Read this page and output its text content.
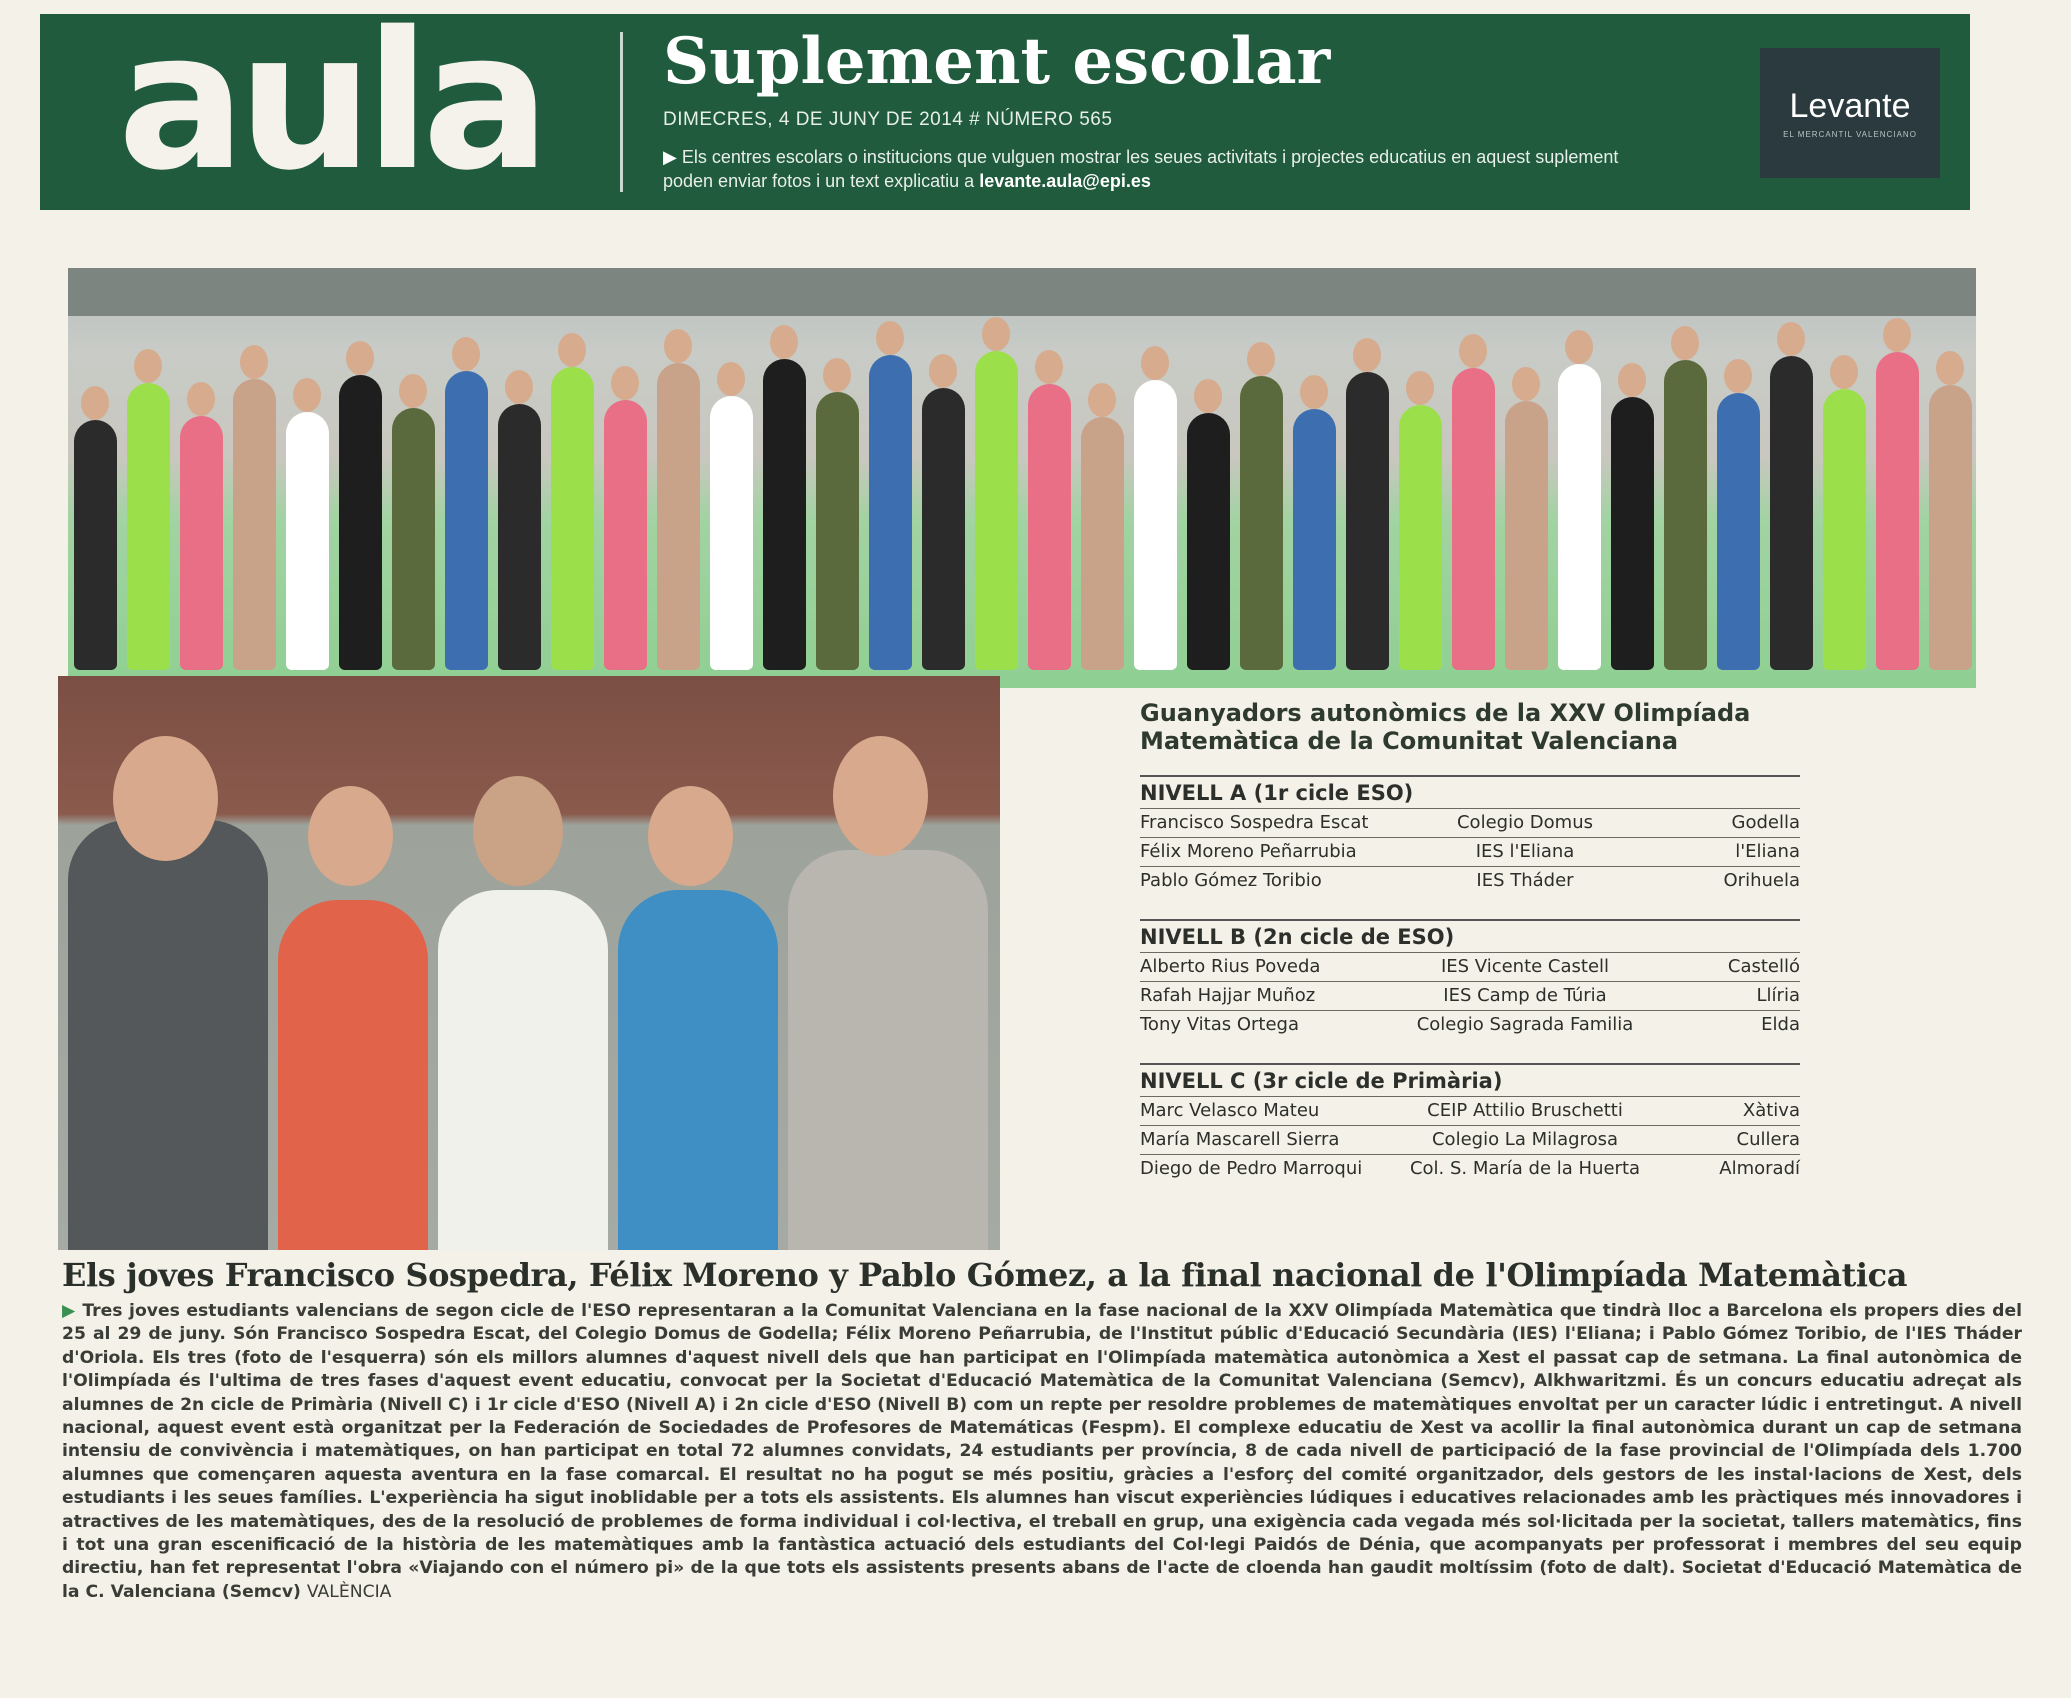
aula	Suplement escolar
DIMECRES, 4 DE JUNY DE 2014 # NÚMERO 565
▶ Els centres escolars o institucions que vulguen mostrar les seues activitats i projectes educatius en aquest suplement poden enviar fotos i un text explicatiu a levante.aula@epi.es
Levante
EL MERCANTIL VALENCIANO
Guanyadors autonòmics de la XXV Olimpíada Matemàtica de la Comunitat Valenciana
NIVELL A (1r cicle ESO)
Francisco Sospedra Escat	Colegio Domus	Godella
Félix Moreno Peñarrubia	IES l'Eliana	l'Eliana
Pablo Gómez Toribio	IES Tháder	Orihuela
NIVELL B (2n cicle de ESO)
Alberto Rius Poveda	IES Vicente Castell	Castelló
Rafah Hajjar Muñoz	IES Camp de Túria	Llíria
Tony Vitas Ortega	Colegio Sagrada Familia	Elda
NIVELL C (3r cicle de Primària)
Marc Velasco Mateu	CEIP Attilio Bruschetti	Xàtiva
María Mascarell Sierra	Colegio La Milagrosa	Cullera
Diego de Pedro Marroqui	Col. S. María de la Huerta	Almoradí
Els joves Francisco Sospedra, Félix Moreno y Pablo Gómez, a la final nacional de l'Olimpíada Matemàtica
▶ Tres joves estudiants valencians de segon cicle de l'ESO representaran a la Comunitat Valenciana en la fase nacional de la XXV Olimpíada Matemàtica que tindrà lloc a Barcelona els propers dies del 25 al 29 de juny. Són Francisco Sospedra Escat, del Colegio Domus de Godella; Félix Moreno Peñarrubia, de l'Institut públic d'Educació Secundària (IES) l'Eliana; i Pablo Gómez Toribio, de l'IES Tháder d'Oriola. Els tres (foto de l'esquerra) són els millors alumnes d'aquest nivell dels que han participat en l'Olimpíada matemàtica autonòmica a Xest el passat cap de setmana. La final autonòmica de l'Olimpíada és l'ultima de tres fases d'aquest event educatiu, convocat per la Societat d'Educació Matemàtica de la Comunitat Valenciana (Semcv), Alkhwaritzmi. És un concurs educatiu adreçat als alumnes de 2n cicle de Primària (Nivell C) i 1r cicle d'ESO (Nivell A) i 2n cicle d'ESO (Nivell B) com un repte per resoldre problemes de matemàtiques envoltat per un caracter lúdic i entretingut. A nivell nacional, aquest event està organitzat per la Federación de Sociedades de Profesores de Matemáticas (Fespm). El complexe educatiu de Xest va acollir la final autonòmica durant un cap de setmana intensiu de convivència i matemàtiques, on han participat en total 72 alumnes convidats, 24 estudiants per província, 8 de cada nivell de participació de la fase provincial de l'Olimpíada dels 1.700 alumnes que començaren aquesta aventura en la fase comarcal. El resultat no ha pogut se més positiu, gràcies a l'esforç del comité organitzador, dels gestors de les instal·lacions de Xest, dels estudiants i les seues famílies. L'experiència ha sigut inoblidable per a tots els assistents. Els alumnes han viscut experiències lúdiques i educatives relacionades amb les pràctiques més innovadores i atractives de les matemàtiques, des de la resolució de problemes de forma individual i col·lectiva, el treball en grup, una exigència cada vegada més sol·licitada per la societat, tallers matemàtics, fins i tot una gran escenificació de la història de les matemàtiques amb la fantàstica actuació dels estudiants del Col·legi Paidós de Dénia, que acompanyats per professorat i membres del seu equip directiu, han fet representat l'obra «Viajando con el número pi» de la que tots els assistents presents abans de l'acte de cloenda han gaudit moltíssim (foto de dalt). Societat d'Educació Matemàtica de la C. Valenciana (Semcv) VALÈNCIA
